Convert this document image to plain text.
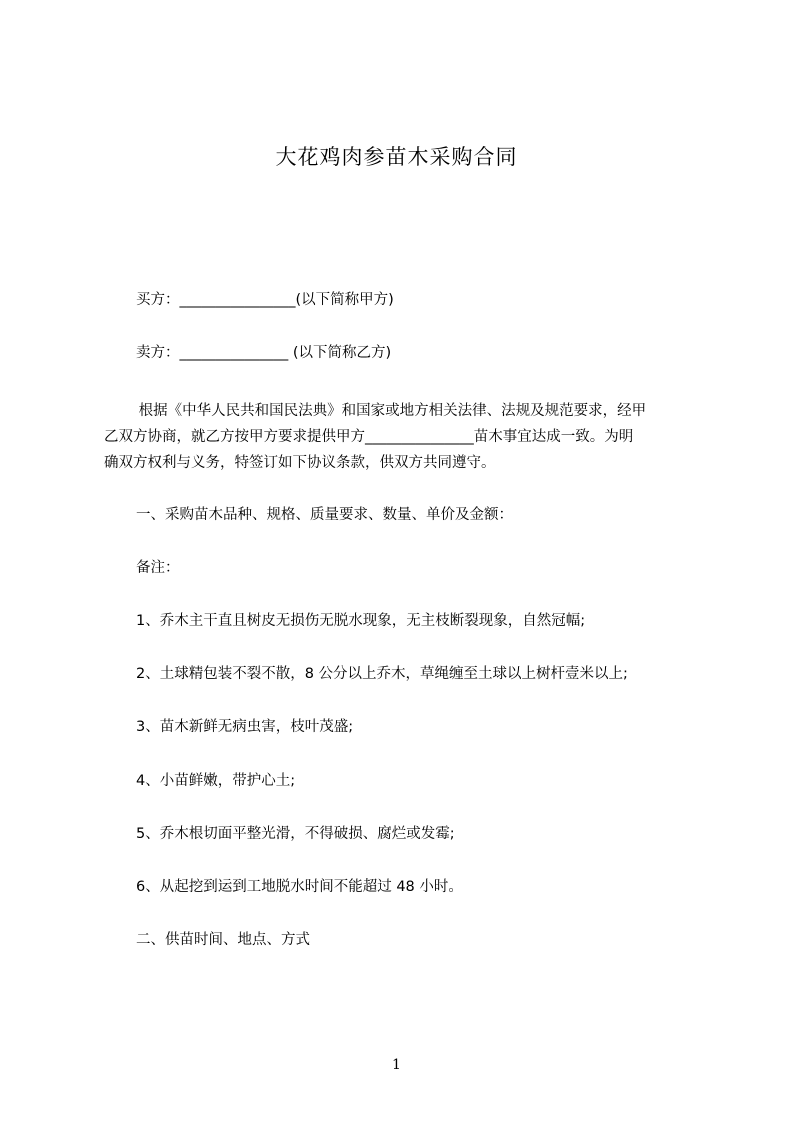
大花鸡肉参苗木采购合同
买方：________________(以下简称甲方)
卖方：_______________ (以下简称乙方)
根据《中华人民共和国民法典》和国家或地方相关法律、法规及规范要求，经甲
乙双方协商，就乙方按甲方要求提供甲方_______________苗木事宜达成一致。为明
确双方权利与义务，特签订如下协议条款，供双方共同遵守。
一、采购苗木品种、规格、质量要求、数量、单价及金额：
备注：
1、乔木主干直且树皮无损伤无脱水现象，无主枝断裂现象，自然冠幅;
2、土球精包装不裂不散，8 公分以上乔木，草绳缠至土球以上树杆壹米以上;
3、苗木新鲜无病虫害，枝叶茂盛;
4、小苗鲜嫩，带护心土;
5、乔木根切面平整光滑，不得破损、腐烂或发霉;
6、从起挖到运到工地脱水时间不能超过 48 小时。
二、供苗时间、地点、方式
1
